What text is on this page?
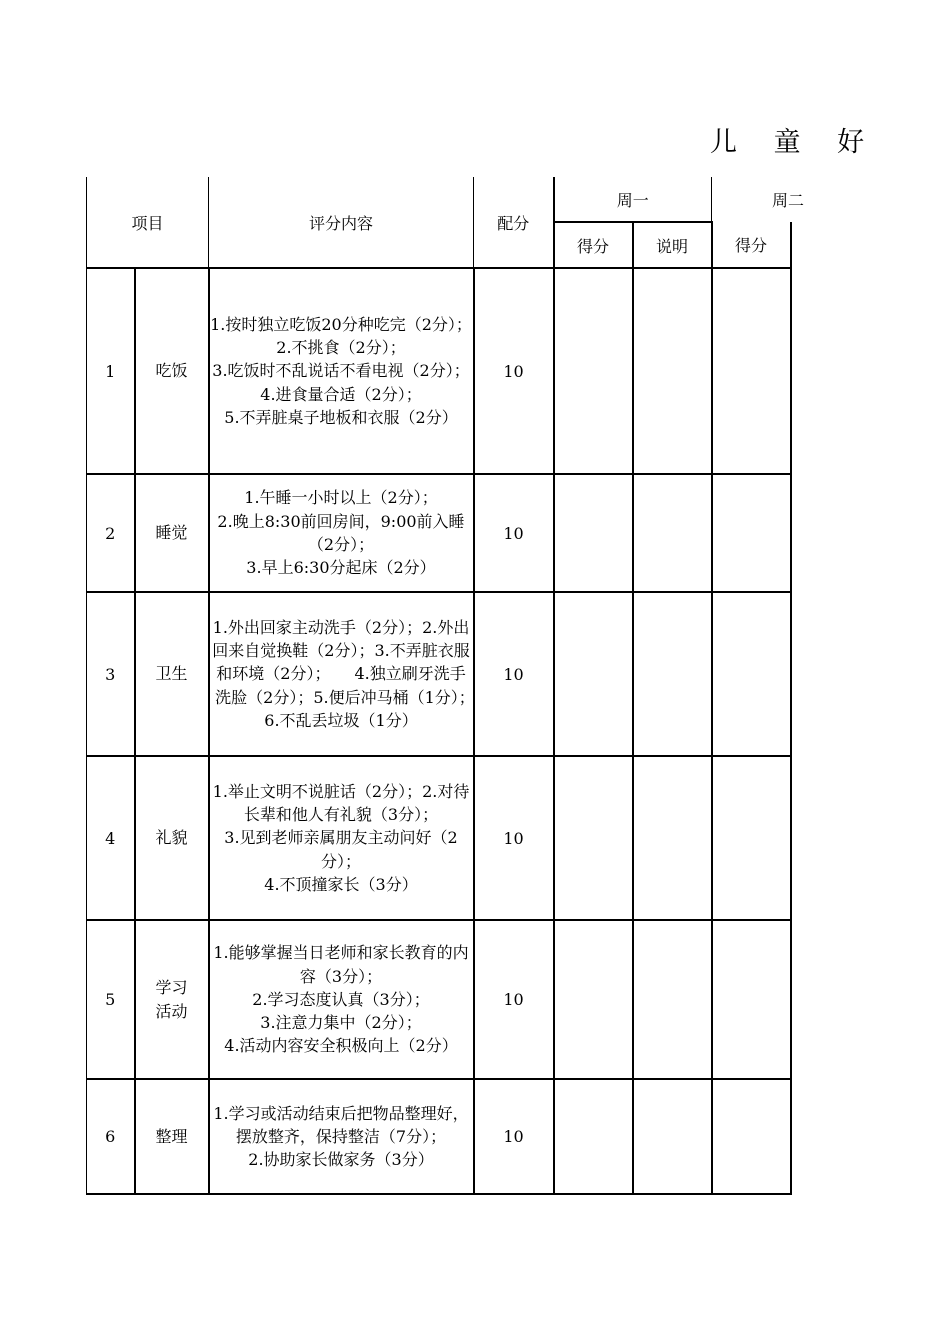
儿 童 好
项目		评分内容	配分	周一		周二	
				得分	说明	得分	
1	吃饭	1.按时独立吃饭20分种吃完（2分）；
2.不挑食（2分）；
3.吃饭时不乱说话不看电视（2分）；
4.进食量合适（2分）；
5.不弄脏桌子地板和衣服（2分）	10				
2	睡觉	1.午睡一小时以上（2分）；
2.晚上8:30前回房间，9:00前入睡（2分）；
3.早上6:30分起床（2分）	10				
3	卫生	1.外出回家主动洗手（2分）；2.外出回来自觉换鞋（2分）；3.不弄脏衣服和环境（2分）；　　4.独立刷牙洗手洗脸（2分）；5.便后冲马桶（1分）；　　　6.不乱丢垃圾（1分）	10				
4	礼貌	1.举止文明不说脏话（2分）；2.对待长辈和他人有礼貌（3分）；
3.见到老师亲属朋友主动问好（2分）；
4.不顶撞家长（3分）	10				
5	学习
活动	1.能够掌握当日老师和家长教育的内容（3分）；
2.学习态度认真（3分）；
3.注意力集中（2分）；
4.活动内容安全积极向上（2分）	10				
6	整理	1.学习或活动结束后把物品整理好，摆放整齐，保持整洁（7分）；
2.协助家长做家务（3分）	10				
